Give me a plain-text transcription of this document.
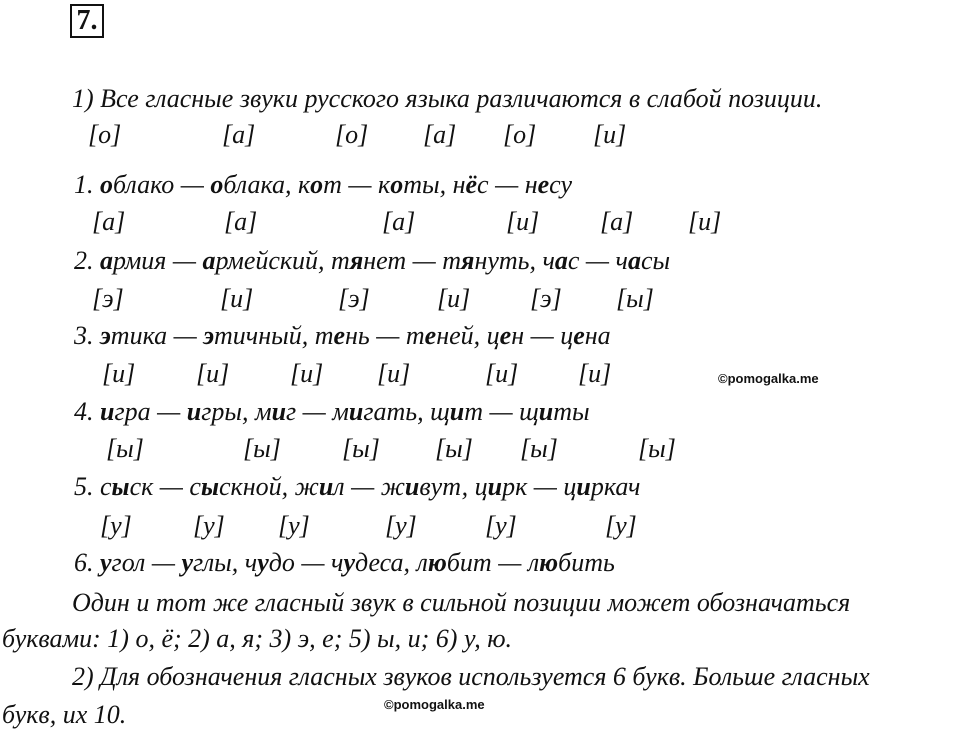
7.
1) Все гласные звуки русского языка различаются в слабой позиции.
[о]	[а]	[о] [а] [о] [и]
1. облако — облака, кот — коты, нёс — несу
[а]	[а]	[а]	[и] [а] [и]
2. армия — армейский, тянет — тянуть, час — часы
[э]	[и]	[э]	[и] [э] [ы]
3. этика — этичный, тень — теней, цен — цена
[и] [и] [и] [и]	[и] [и]	©pomogalka.me
4. игра — игры, миг — мигать, щит — щиты
[ы]	[ы] [ы] [ы] [ы]	[ы]
5. сыск — сыскной, жил — живут, цирк — циркач
[у] [у] [у]	[у]	[у]	[у]
6. угол — углы, чудо — чудеса, любит — любить
Один и тот же гласный звук в сильной позиции может обозначаться
буквами: 1) о, ё; 2) а, я; 3) э, е; 5) ы, и; 6) у, ю.
2) Для обозначения гласных звуков используется 6 букв. Больше гласных
букв, их 10.	©pomogalka.me
